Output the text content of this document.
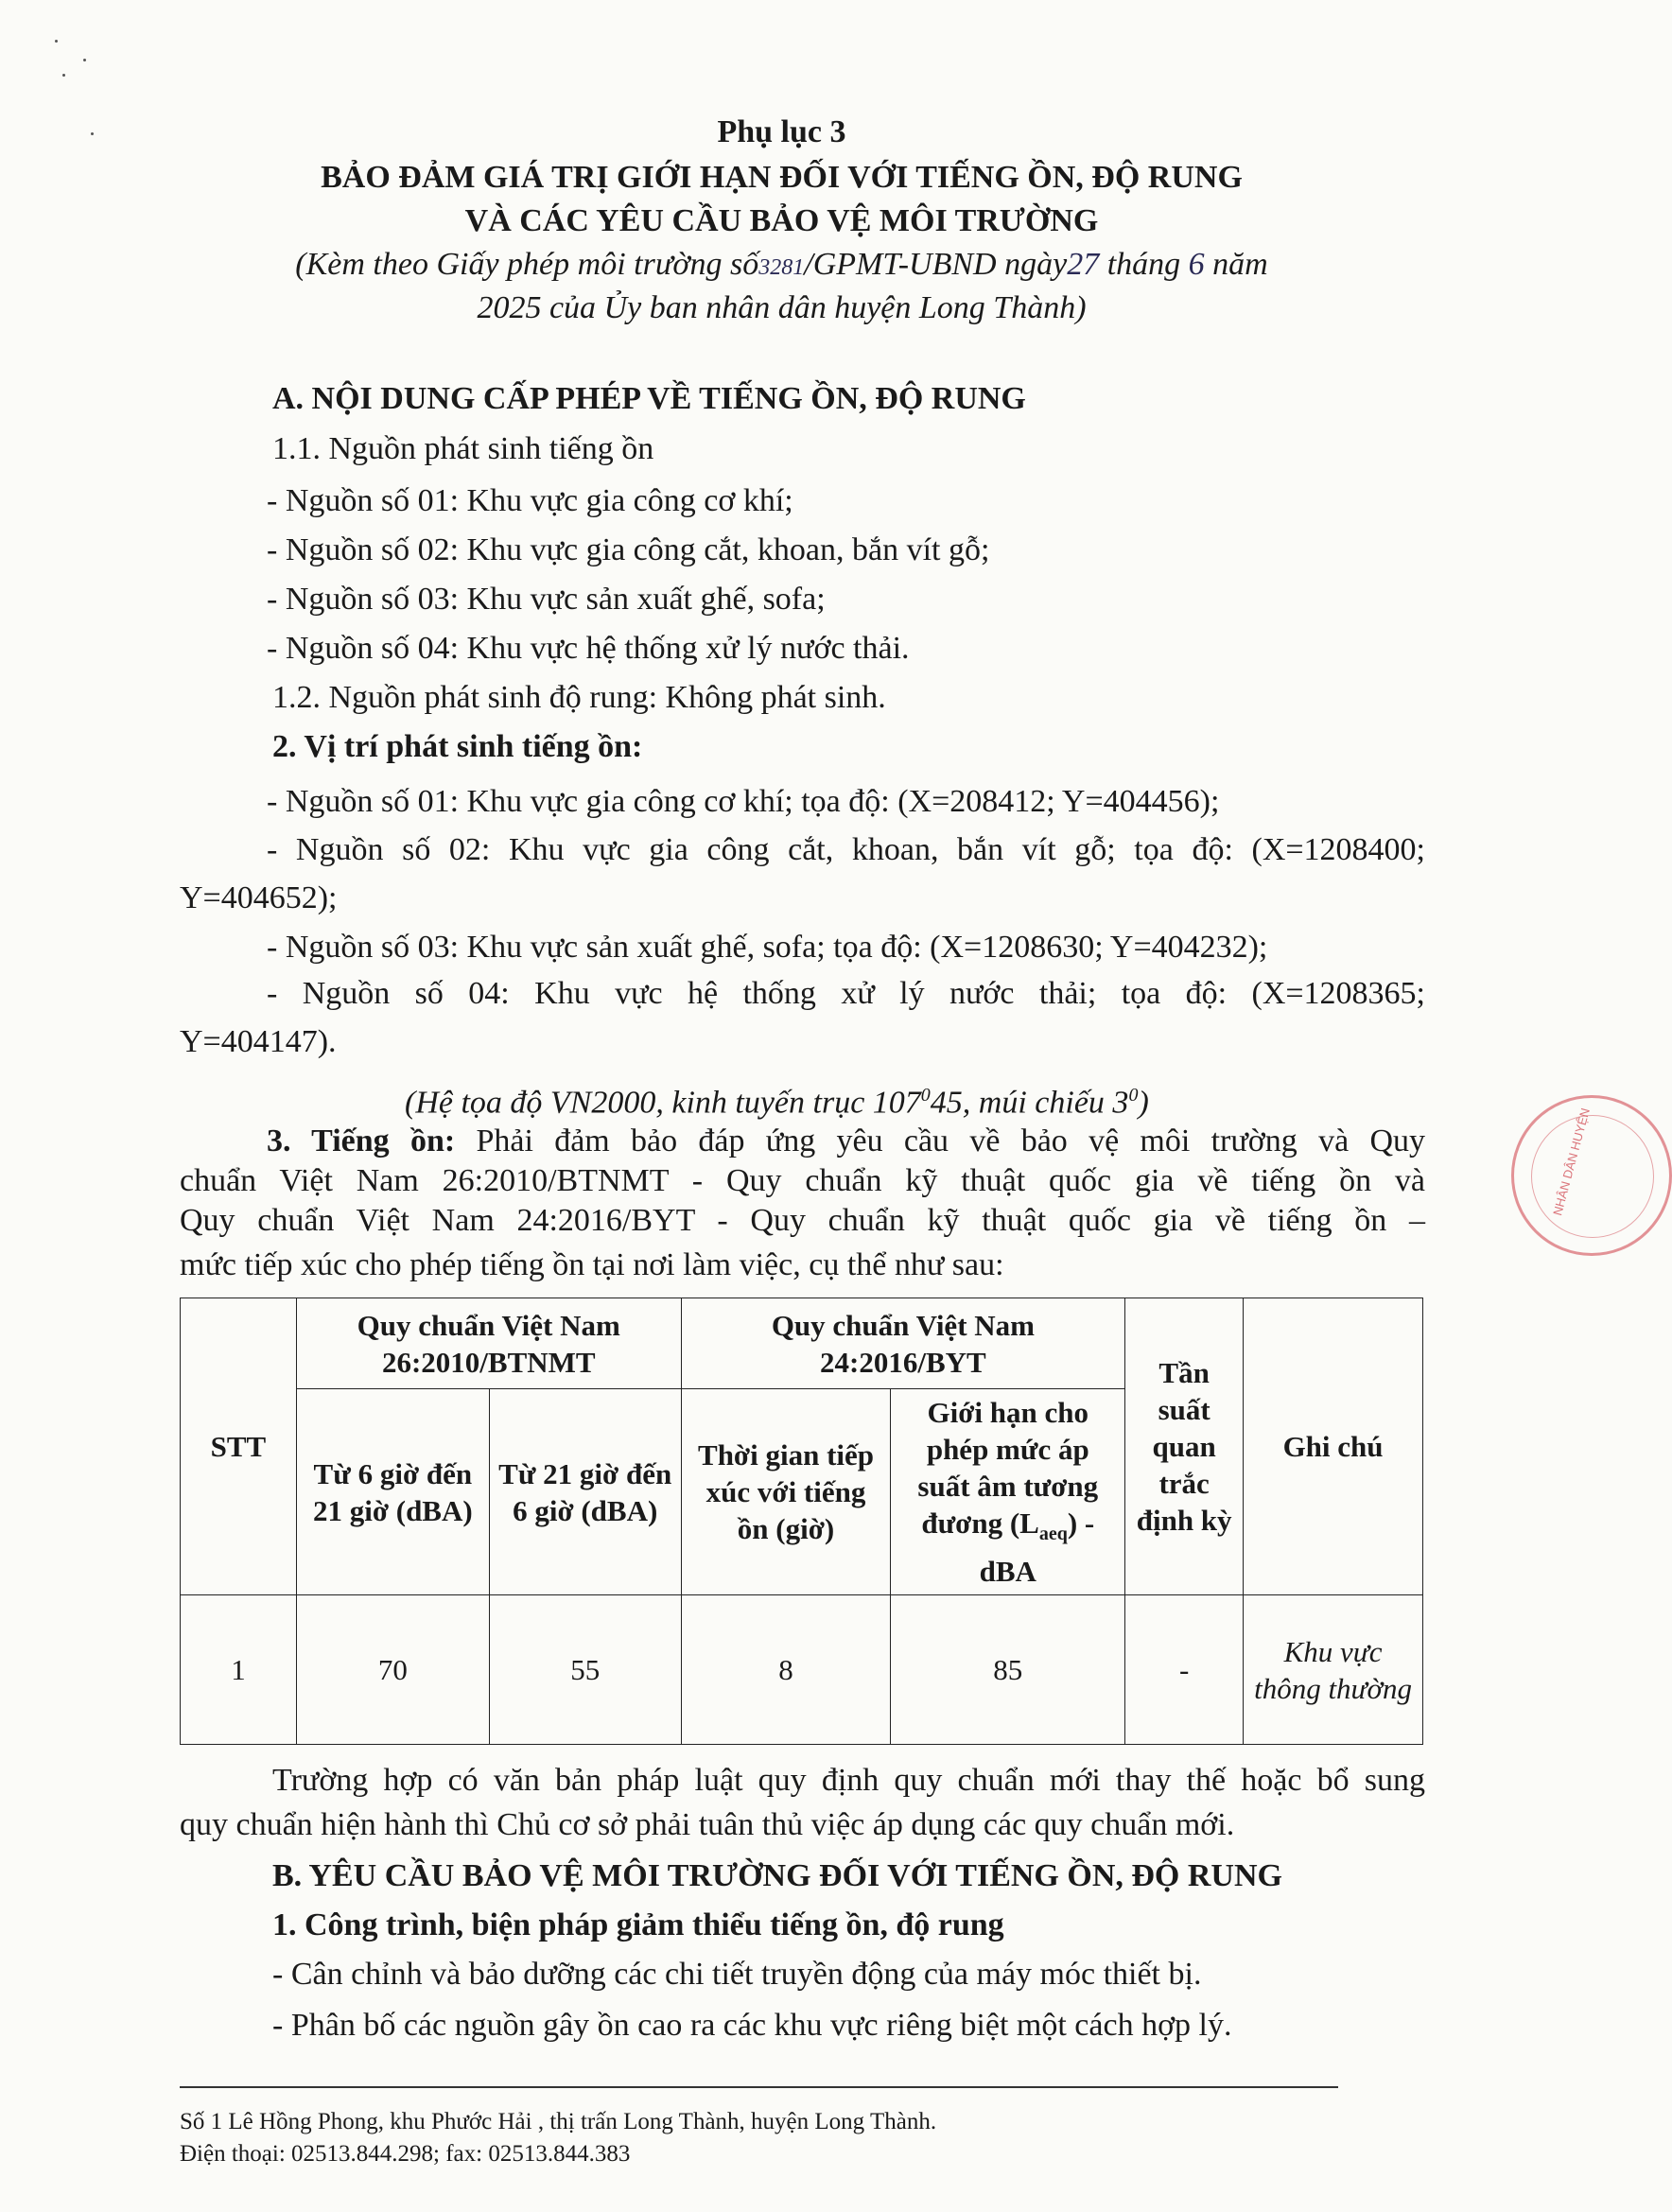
Phụ lục 3
BẢO ĐẢM GIÁ TRỊ GIỚI HẠN ĐỐI VỚI TIẾNG ỒN, ĐỘ RUNG
VÀ CÁC YÊU CẦU BẢO VỆ MÔI TRƯỜNG
(Kèm theo Giấy phép môi trường số3281/GPMT-UBND ngày27 tháng 6 năm
2025 của Ủy ban nhân dân huyện Long Thành)
A. NỘI DUNG CẤP PHÉP VỀ TIẾNG ỒN, ĐỘ RUNG
1.1. Nguồn phát sinh tiếng ồn
- Nguồn số 01: Khu vực gia công cơ khí;
- Nguồn số 02: Khu vực gia công cắt, khoan, bắn vít gỗ;
- Nguồn số 03: Khu vực sản xuất ghế, sofa;
- Nguồn số 04: Khu vực hệ thống xử lý nước thải.
1.2. Nguồn phát sinh độ rung: Không phát sinh.
2. Vị trí phát sinh tiếng ồn:
- Nguồn số 01: Khu vực gia công cơ khí; tọa độ: (X=208412; Y=404456);
- Nguồn số 02: Khu vực gia công cắt, khoan, bắn vít gỗ; tọa độ: (X=1208400;
Y=404652);
- Nguồn số 03: Khu vực sản xuất ghế, sofa; tọa độ: (X=1208630; Y=404232);
- Nguồn số 04: Khu vực hệ thống xử lý nước thải; tọa độ: (X=1208365;
Y=404147).
(Hệ tọa độ VN2000, kinh tuyến trục $107^045$, múi chiếu $3^0$)
3. Tiếng ồn: Phải đảm bảo đáp ứng yêu cầu về bảo vệ môi trường và Quy
chuẩn Việt Nam 26:2010/BTNMT - Quy chuẩn kỹ thuật quốc gia về tiếng ồn và
Quy chuẩn Việt Nam 24:2016/BYT - Quy chuẩn kỹ thuật quốc gia về tiếng ồn –
mức tiếp xúc cho phép tiếng ồn tại nơi làm việc, cụ thể như sau:
STT	Quy chuẩn Việt Nam 26:2010/BTNMT		Quy chuẩn Việt Nam 24:2016/BYT		Tần suất quan trắc định kỳ	Ghi chú
	Từ 6 giờ đến 21 giờ (dBA)	Từ 21 giờ đến 6 giờ (dBA)	Thời gian tiếp xúc với tiếng ồn (giờ)	Giới hạn cho phép mức áp suất âm tương đương $(L_{aeq})$ - dBA		
1	70	55	8	85	-	Khu vực thông thường
Trường hợp có văn bản pháp luật quy định quy chuẩn mới thay thế hoặc bổ sung
quy chuẩn hiện hành thì Chủ cơ sở phải tuân thủ việc áp dụng các quy chuẩn mới.
B. YÊU CẦU BẢO VỆ MÔI TRƯỜNG ĐỐI VỚI TIẾNG ỒN, ĐỘ RUNG
1. Công trình, biện pháp giảm thiểu tiếng ồn, độ rung
- Cân chỉnh và bảo dưỡng các chi tiết truyền động của máy móc thiết bị.
- Phân bố các nguồn gây ồn cao ra các khu vực riêng biệt một cách hợp lý.
Số 1 Lê Hồng Phong, khu Phước Hải , thị trấn Long Thành, huyện Long Thành.
Điện thoại: 02513.844.298; fax: 02513.844.383
NHÂN DÂN HUYỆN
